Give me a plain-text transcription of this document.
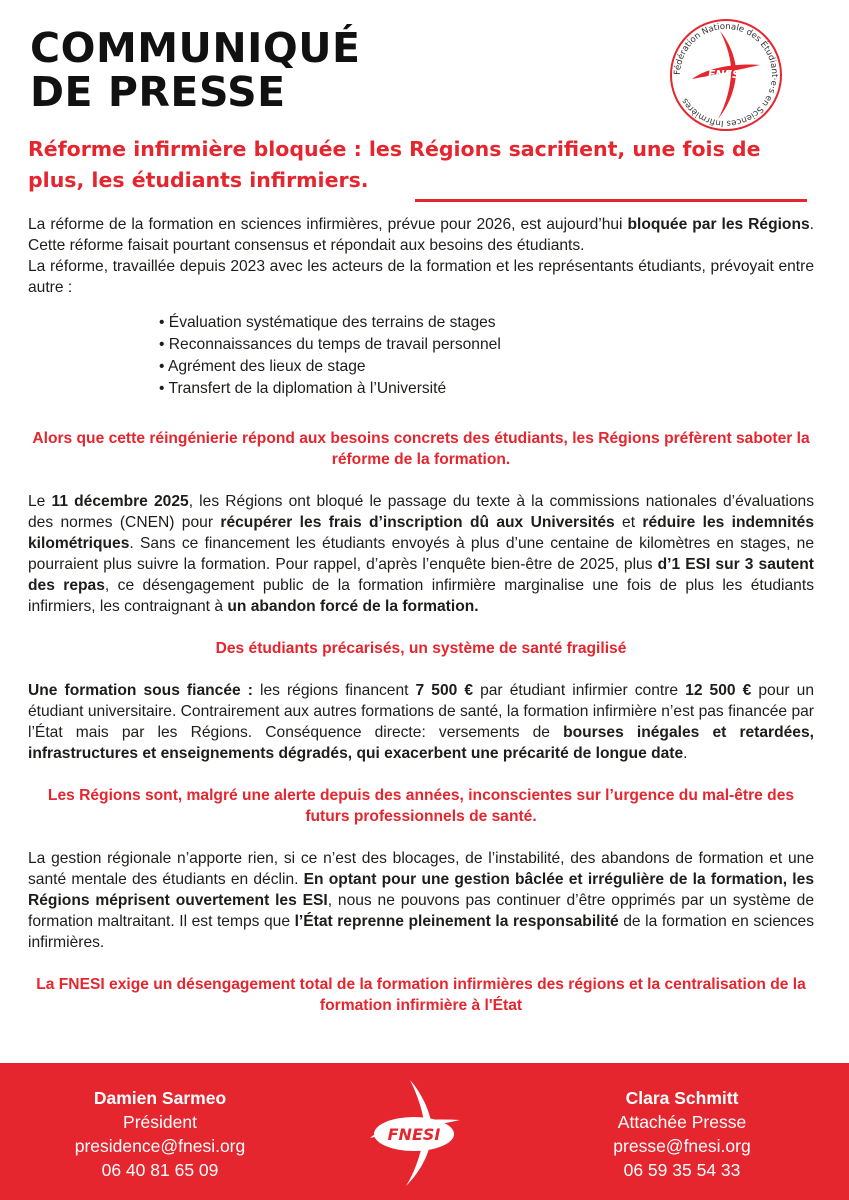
COMMUNIQUÉ
DE PRESSE	Fédération Nationale des Étudiant·e·s en Sciences Infirmières
FNESI
Réforme infirmière bloquée : les Régions sacrifient, une fois de plus, les étudiants infirmiers.

La réforme de la formation en sciences infirmières, prévue pour 2026, est aujourd’hui bloquée par les Régions. Cette réforme faisait pourtant consensus et répondait aux besoins des étudiants.

La réforme, travaillée depuis 2023 avec les acteurs de la formation et les représentants étudiants, prévoyait entre autre :

• Évaluation systématique des terrains de stages
• Reconnaissances du temps de travail personnel
• Agrément des lieux de stage
• Transfert de la diplomation à l’Université

Alors que cette réingénierie répond aux besoins concrets des étudiants, les Régions préfèrent saboter la réforme de la formation.

Le 11 décembre 2025, les Régions ont bloqué le passage du texte à la commissions nationales d’évaluations des normes (CNEN) pour récupérer les frais d’inscription dû aux Universités et réduire les indemnités kilométriques. Sans ce financement les étudiants envoyés à plus d’une centaine de kilomètres en stages, ne pourraient plus suivre la formation. Pour rappel, d’après l’enquête bien-être de 2025, plus d’1 ESI sur 3 sautent des repas, ce désengagement public de la formation infirmière marginalise une fois de plus les étudiants infirmiers, les contraignant à un abandon forcé de la formation.

Des étudiants précarisés, un système de santé fragilisé

Une formation sous fiancée : les régions financent 7 500 € par étudiant infirmier contre 12 500 € pour un étudiant universitaire. Contrairement aux autres formations de santé, la formation infirmière n’est pas financée par l’État mais par les Régions. Conséquence directe: versements de bourses inégales et retardées, infrastructures et enseignements dégradés, qui exacerbent une précarité de longue date.

Les Régions sont, malgré une alerte depuis des années, inconscientes sur l’urgence du mal-être des futurs professionnels de santé.

La gestion régionale n’apporte rien, si ce n’est des blocages, de l’instabilité, des abandons de formation et une santé mentale des étudiants en déclin. En optant pour une gestion bâclée et irrégulière de la formation, les Régions méprisent ouvertement les ESI, nous ne pouvons pas continuer d’être opprimés par un système de formation maltraitant. Il est temps que l’État reprenne pleinement la responsabilité de la formation en sciences infirmières.

La FNESI exige un désengagement total de la formation infirmières des régions et la centralisation de la formation infirmière à l'État

Damien Sarmeo
Président
presidence@fnesi.org
06 40 81 65 09
FNESI
Clara Schmitt
Attachée Presse
presse@fnesi.org
06 59 35 54 33
